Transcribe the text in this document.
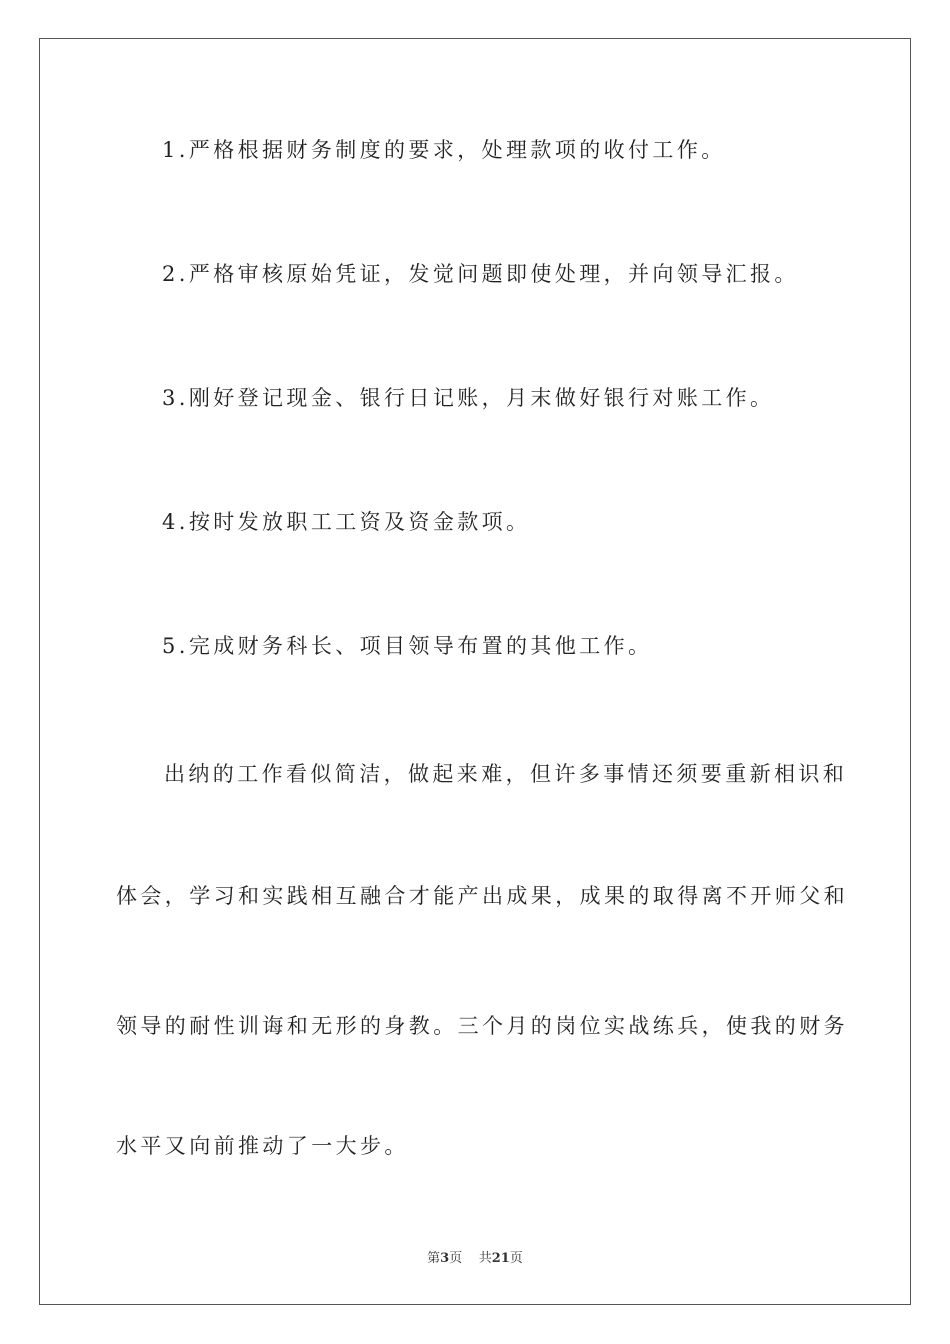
1.严格根据财务制度的要求，处理款项的收付工作。

2.严格审核原始凭证，发觉问题即使处理，并向领导汇报。

3.刚好登记现金、银行日记账，月末做好银行对账工作。

4.按时发放职工工资及资金款项。

5.完成财务科长、项目领导布置的其他工作。

出纳的工作看似简洁，做起来难，但许多事情还须要重新相识和

体会，学习和实践相互融合才能产出成果，成果的取得离不开师父和

领导的耐性训诲和无形的身教。三个月的岗位实战练兵，使我的财务

水平又向前推动了一大步。

第3页 共21页
